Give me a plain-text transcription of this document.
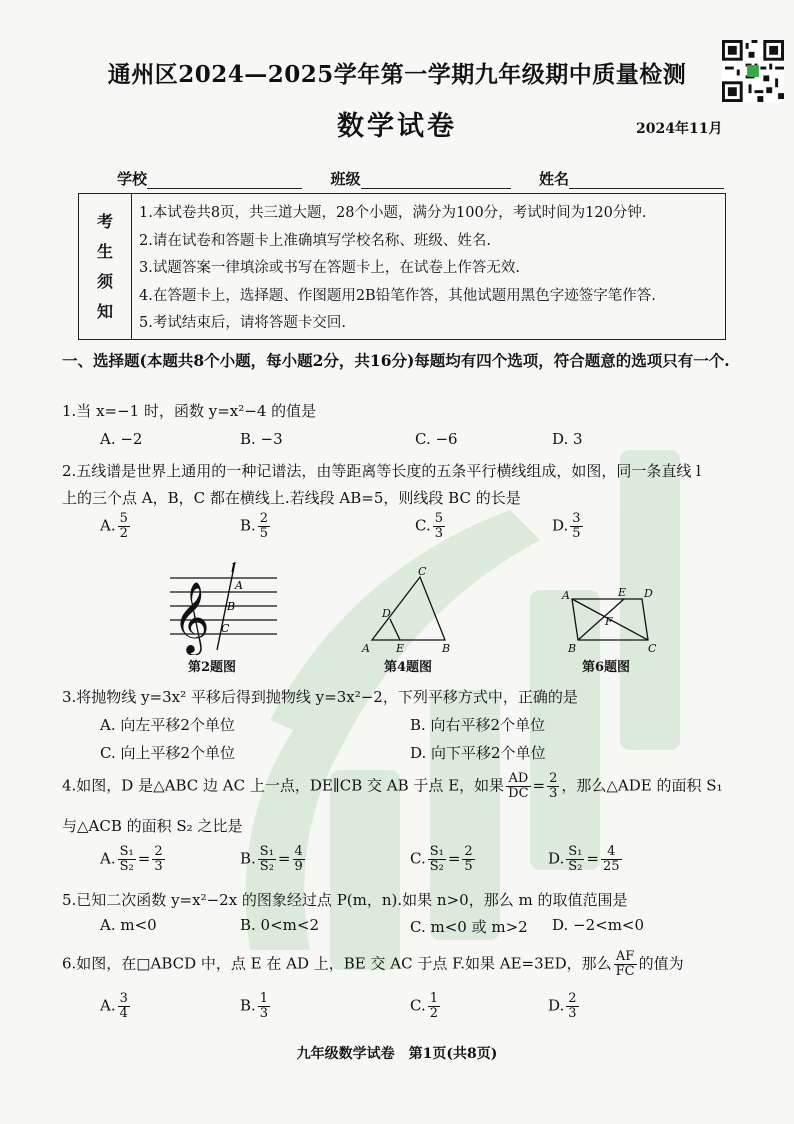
通州区2024—2025学年第一学期九年级期中质量检测
数学试卷	2024年11月
学校	班级	姓名
考
生
须
知
1.本试卷共8页，共三道大题，28个小题，满分为100分，考试时间为120分钟.
2.请在试卷和答题卡上准确填写学校名称、班级、姓名.
3.试题答案一律填涂或书写在答题卡上，在试卷上作答无效.
4.在答题卡上，选择题、作图题用2B铅笔作答，其他试题用黑色字迹签字笔作答.
5.考试结束后，请将答题卡交回.
一、选择题(本题共8个小题，每小题2分，共16分)每题均有四个选项，符合题意的选项只有一个.
1.当 x=−1 时，函数 y=x²−4 的值是
A. −2	B. −3	C. −6	D. 3
2.五线谱是世界上通用的一种记谱法，由等距离等长度的五条平行横线组成，如图，同一条直线 l
上的三个点 A，B，C 都在横线上.若线段 AB=5，则线段 BC 的长是
A. $\frac{5}{2}$	B. $\frac{2}{5}$	C. $\frac{5}{3}$	D. $\frac{3}{5}$
𝄞
l
A
B
C
第2题图
A	B
C
D
E
第4题图
A
B	C
D
E
F
第6题图
3.将抛物线 y=3x² 平移后得到抛物线 y=3x²−2，下列平移方式中，正确的是
A. 向左平移2个单位	B. 向右平移2个单位
C. 向上平移2个单位	D. 向下平移2个单位
4.如图，D 是△ABC 边 AC 上一点，DE∥CB 交 AB 于点 E，如果 $\frac{AD}{DC} = \frac{2}{3}$ ，那么△ADE 的面积 S₁
与△ACB 的面积 S₂ 之比是
A. $\frac{\text{S₁}}{\text{S₂}} = \frac{2}{3}$	B. $\frac{\text{S₁}}{\text{S₂}} = \frac{4}{9}$	C. $\frac{\text{S₁}}{\text{S₂}} = \frac{2}{5}$	D. $\frac{\text{S₁}}{\text{S₂}} = \frac{4}{25}$
5.已知二次函数 y=x²−2x 的图象经过点 P(m，n).如果 n>0，那么 m 的取值范围是
A. m<0	B. 0<m<2	C. m<0 或 m>2 D. −2<m<0
6.如图，在□ABCD 中，点 E 在 AD 上，BE 交 AC 于点 F.如果 AE=3ED，那么 $\frac{AF}{FC}$ 的值为
A. $\frac{3}{4}$	B. $\frac{1}{3}$	C. $\frac{1}{2}$	D. $\frac{2}{3}$
九年级数学试卷　第1页(共8页)
